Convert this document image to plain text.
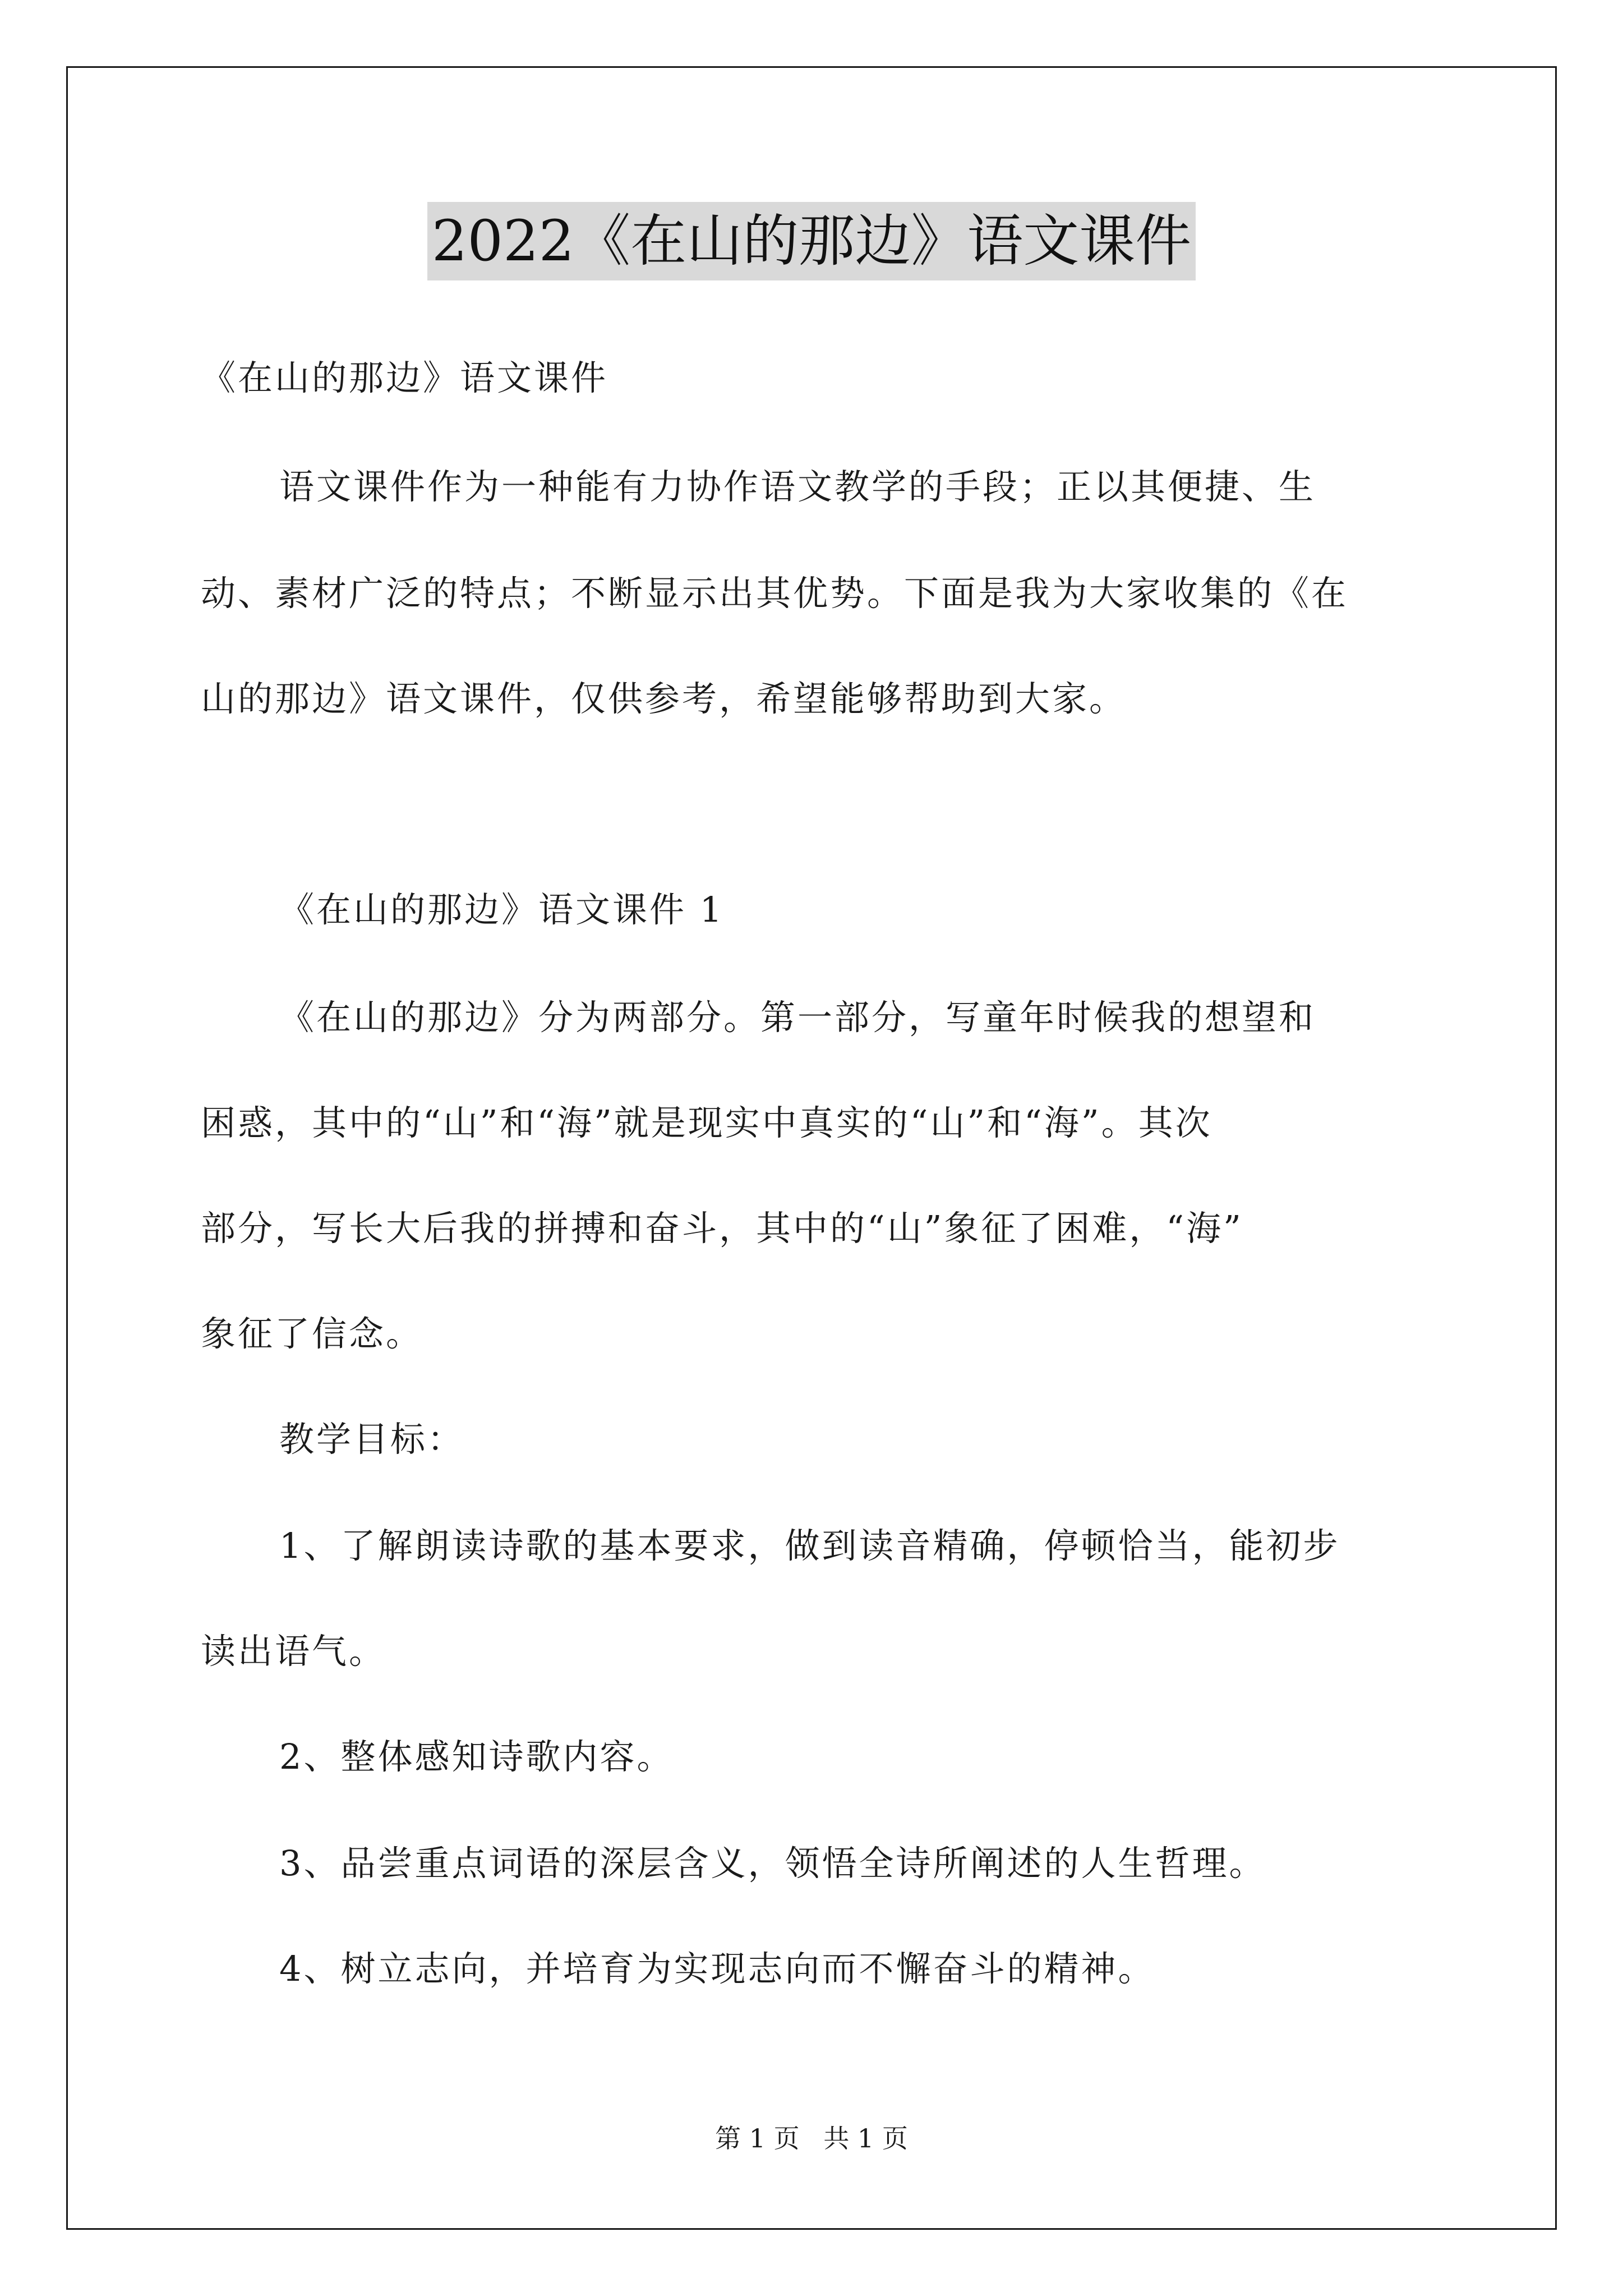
2022《在山的那边》语文课件
《在山的那边》语文课件
语文课件作为一种能有力协作语文教学的手段；正以其便捷、生
动、素材广泛的特点；不断显示出其优势。下面是我为大家收集的《在
山的那边》语文课件，仅供参考，希望能够帮助到大家。
《在山的那边》语文课件 1
《在山的那边》分为两部分。第一部分，写童年时候我的想望和
困惑，其中的“山”和“海”就是现实中真实的“山”和“海”。其次
部分，写长大后我的拼搏和奋斗，其中的“山”象征了困难，“海”
象征了信念。
教学目标：
1、了解朗读诗歌的基本要求，做到读音精确，停顿恰当，能初步
读出语气。
2、整体感知诗歌内容。
3、品尝重点词语的深层含义，领悟全诗所阐述的人生哲理。
4、树立志向，并培育为实现志向而不懈奋斗的精神。
第 1 页 共 1 页
